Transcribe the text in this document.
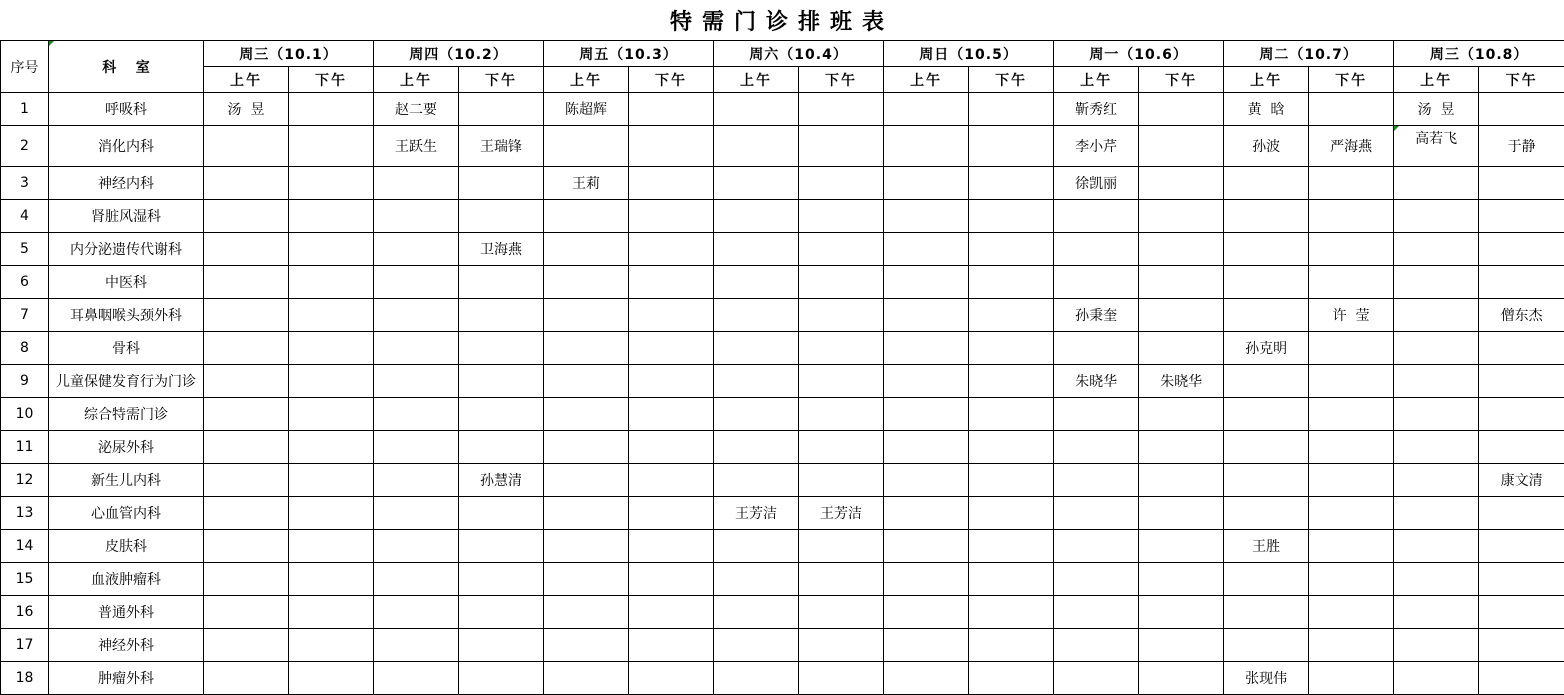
特需门诊排班表
序号	科    室	周三（10.1）		周四（10.2）		周五（10.3）		周六（10.4）		周日（10.5）		周一（10.6）		周二（10.7）		周三（10.8）	
		上午	下午	上午	下午	上午	下午	上午	下午	上午	下午	上午	下午	上午	下午	上午	下午
1	呼吸科	汤  昱		赵二要		陈超辉						靳秀红		黄  晗		汤  昱	
2	消化内科			王跃生	王瑞锋							李小芹		孙波	严海燕	高若飞	于静
3	神经内科					王莉						徐凯丽					
4	肾脏风湿科																
5	内分泌遗传代谢科				卫海燕												
6	中医科																
7	耳鼻咽喉头颈外科											孙秉奎			许  莹		僧东杰
8	骨科													孙克明			
9	儿童保健发育行为门诊											朱晓华	朱晓华				
10	综合特需门诊																
11	泌尿外科																
12	新生儿内科				孙慧清												康文清
13	心血管内科							王芳洁	王芳洁								
14	皮肤科													王胜			
15	血液肿瘤科																
16	普通外科																
17	神经外科																
18	肿瘤外科													张现伟			
